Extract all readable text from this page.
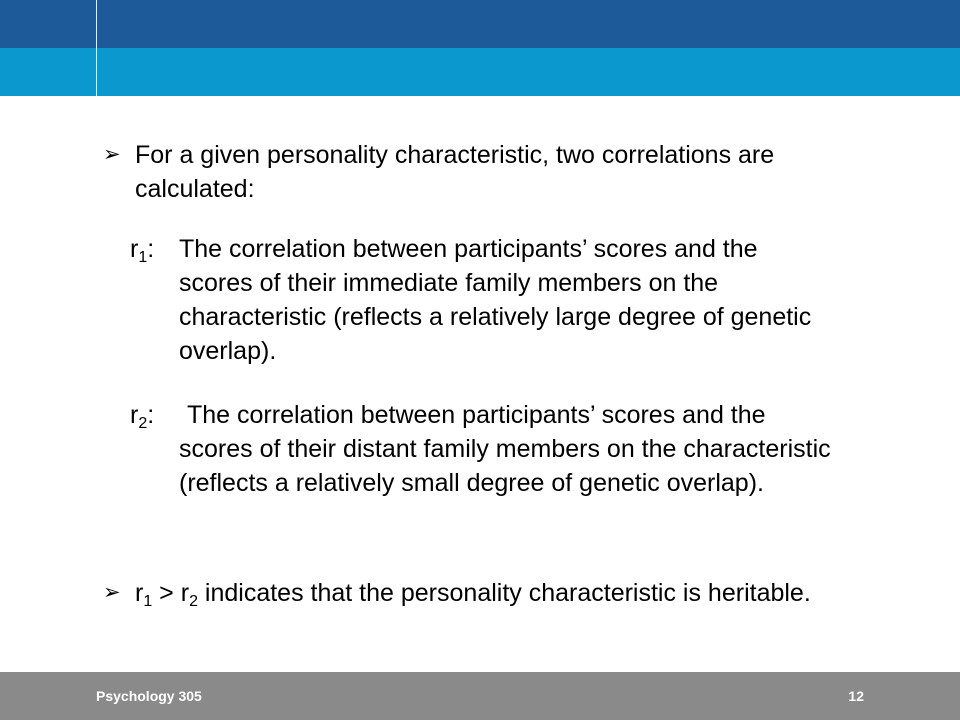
➢ For a given personality characteristic, two correlations are calculated:
$r_1$: The correlation between participants’ scores and the
scores of their immediate family members on the characteristic (reflects a relatively large degree of genetic overlap).
$r_2$: The correlation between participants’ scores and the
scores of their distant family members on the characteristic (reflects a relatively small degree of genetic overlap).
➢ $r_1 > r_2$ indicates that the personality characteristic is heritable.
Psychology 305	12
